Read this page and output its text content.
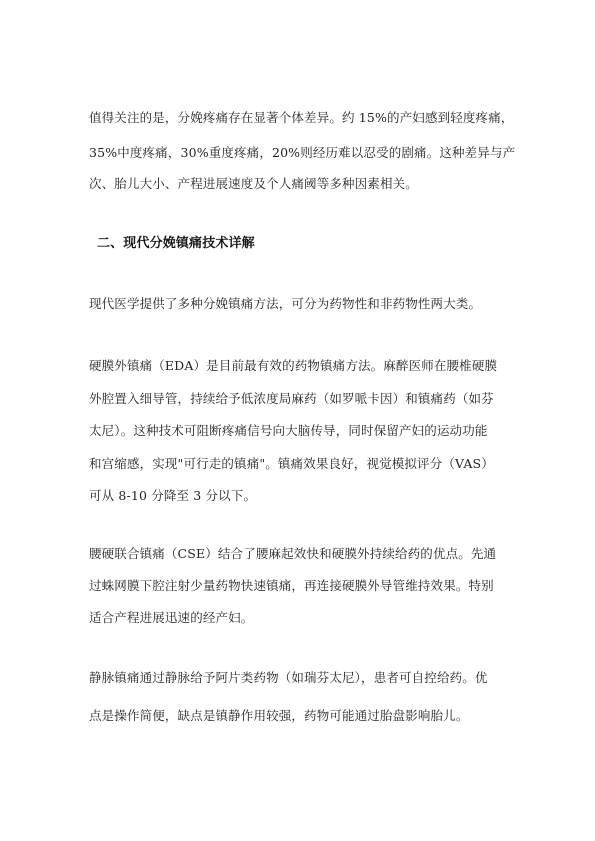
值得关注的是，分娩疼痛存在显著个体差异。约 15%的产妇感到轻度疼痛，
35%中度疼痛，30%重度疼痛，20%则经历难以忍受的剧痛。这种差异与产
次、胎儿大小、产程进展速度及个人痛阈等多种因素相关。
二、现代分娩镇痛技术详解
现代医学提供了多种分娩镇痛方法，可分为药物性和非药物性两大类。
硬膜外镇痛（EDA）是目前最有效的药物镇痛方法。麻醉医师在腰椎硬膜
外腔置入细导管，持续给予低浓度局麻药（如罗哌卡因）和镇痛药（如芬
太尼）。这种技术可阻断疼痛信号向大脑传导，同时保留产妇的运动功能
和宫缩感，实现"可行走的镇痛"。镇痛效果良好，视觉模拟评分（VAS）
可从 8-10 分降至 3 分以下。
腰硬联合镇痛（CSE）结合了腰麻起效快和硬膜外持续给药的优点。先通
过蛛网膜下腔注射少量药物快速镇痛，再连接硬膜外导管维持效果。特别
适合产程进展迅速的经产妇。
静脉镇痛通过静脉给予阿片类药物（如瑞芬太尼），患者可自控给药。优
点是操作简便，缺点是镇静作用较强，药物可能通过胎盘影响胎儿。
